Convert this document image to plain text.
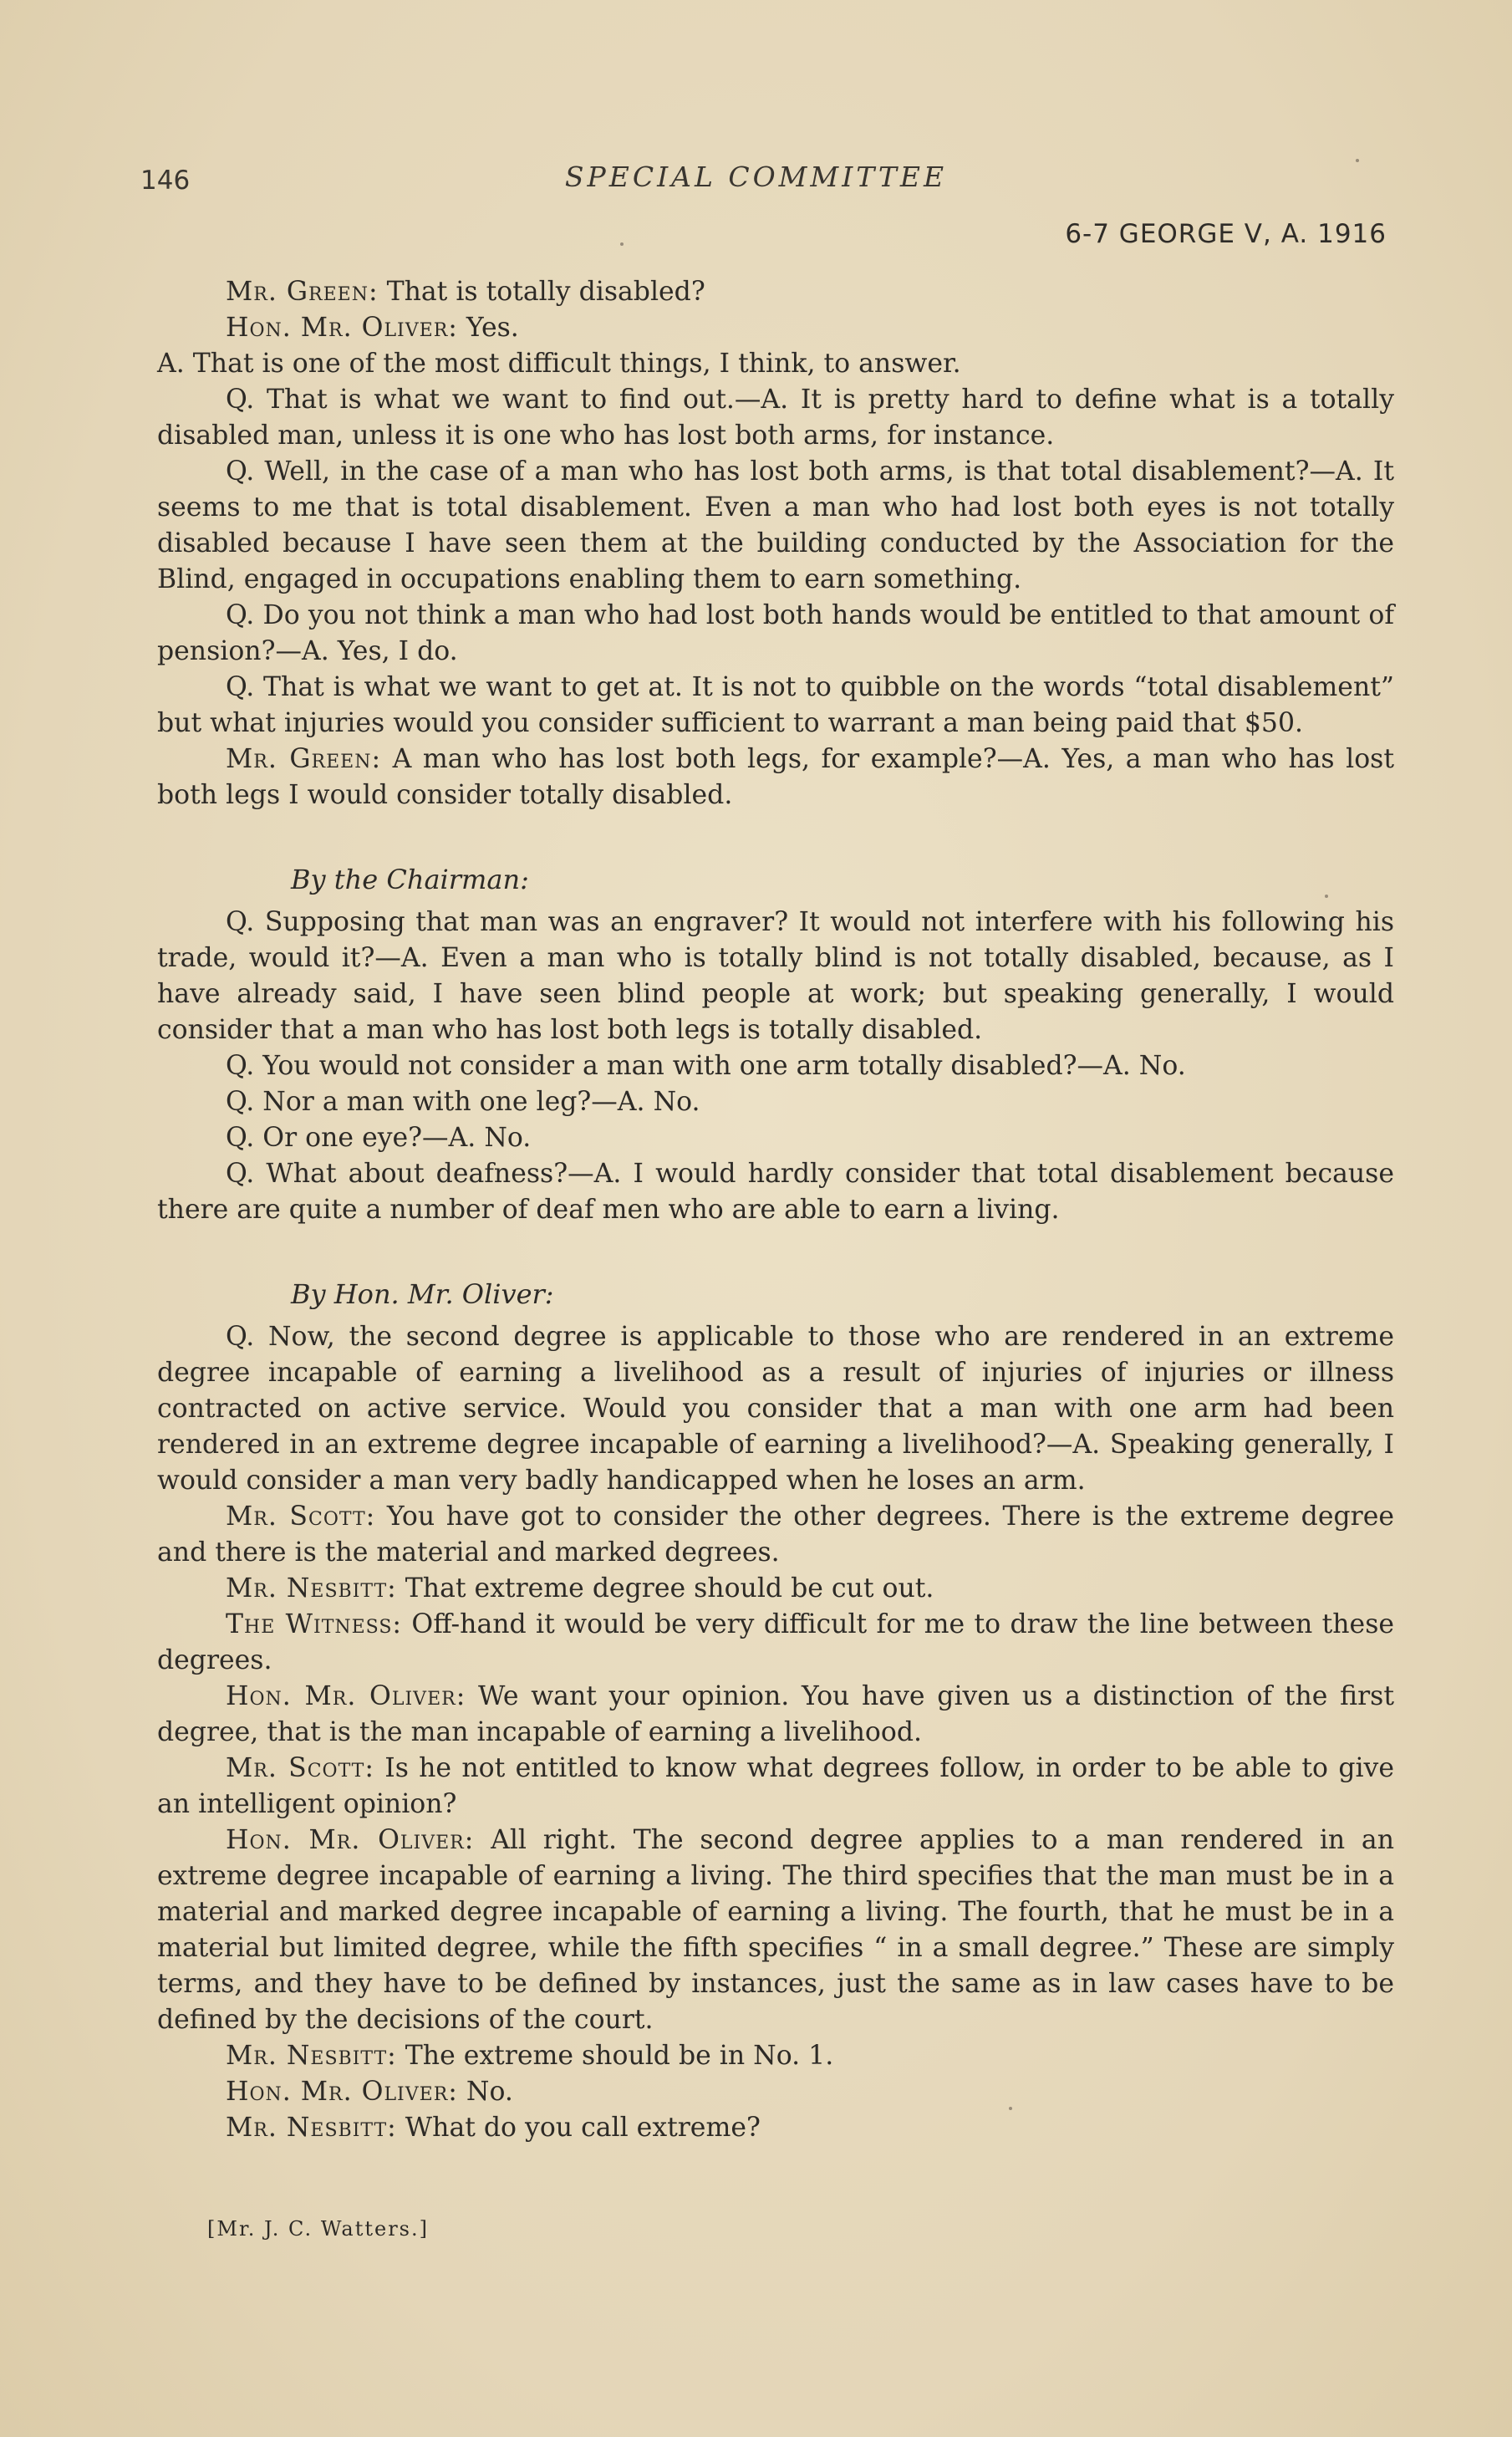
146	SPECIAL COMMITTEE
6-7 GEORGE V, A. 1916

Mr. Green: That is totally disabled?

Hon. Mr. Oliver: Yes.

A. That is one of the most difficult things, I think, to answer.

Q. That is what we want to find out.—A. It is pretty hard to define what is a totally disabled man, unless it is one who has lost both arms, for instance.

Q. Well, in the case of a man who has lost both arms, is that total disablement?—A. It seems to me that is total disablement. Even a man who had lost both eyes is not totally disabled because I have seen them at the building conducted by the Association for the Blind, engaged in occupations enabling them to earn something.

Q. Do you not think a man who had lost both hands would be entitled to that amount of pension?—A. Yes, I do.

Q. That is what we want to get at. It is not to quibble on the words “total disablement” but what injuries would you consider sufficient to warrant a man being paid that $50.

Mr. Green: A man who has lost both legs, for example?—A. Yes, a man who has lost both legs I would consider totally disabled.

By the Chairman:

Q. Supposing that man was an engraver? It would not interfere with his following his trade, would it?—A. Even a man who is totally blind is not totally disabled, because, as I have already said, I have seen blind people at work; but speaking generally, I would consider that a man who has lost both legs is totally disabled.

Q. You would not consider a man with one arm totally disabled?—A. No.

Q. Nor a man with one leg?—A. No.

Q. Or one eye?—A. No.

Q. What about deafness?—A. I would hardly consider that total disablement because there are quite a number of deaf men who are able to earn a living.

By Hon. Mr. Oliver:

Q. Now, the second degree is applicable to those who are rendered in an extreme degree incapable of earning a livelihood as a result of injuries of injuries or illness contracted on active service. Would you consider that a man with one arm had been rendered in an extreme degree incapable of earning a livelihood?—A. Speaking generally, I would consider a man very badly handicapped when he loses an arm.

Mr. Scott: You have got to consider the other degrees. There is the extreme degree and there is the material and marked degrees.

Mr. Nesbitt: That extreme degree should be cut out.

The Witness: Off-hand it would be very difficult for me to draw the line between these degrees.

Hon. Mr. Oliver: We want your opinion. You have given us a distinction of the first degree, that is the man incapable of earning a livelihood.

Mr. Scott: Is he not entitled to know what degrees follow, in order to be able to give an intelligent opinion?

Hon. Mr. Oliver: All right. The second degree applies to a man rendered in an extreme degree incapable of earning a living. The third specifies that the man must be in a material and marked degree incapable of earning a living. The fourth, that he must be in a material but limited degree, while the fifth specifies “ in a small degree.” These are simply terms, and they have to be defined by instances, just the same as in law cases have to be defined by the decisions of the court.

Mr. Nesbitt: The extreme should be in No. 1.

Hon. Mr. Oliver: No.

Mr. Nesbitt: What do you call extreme?

[Mr. J. C. Watters.]
